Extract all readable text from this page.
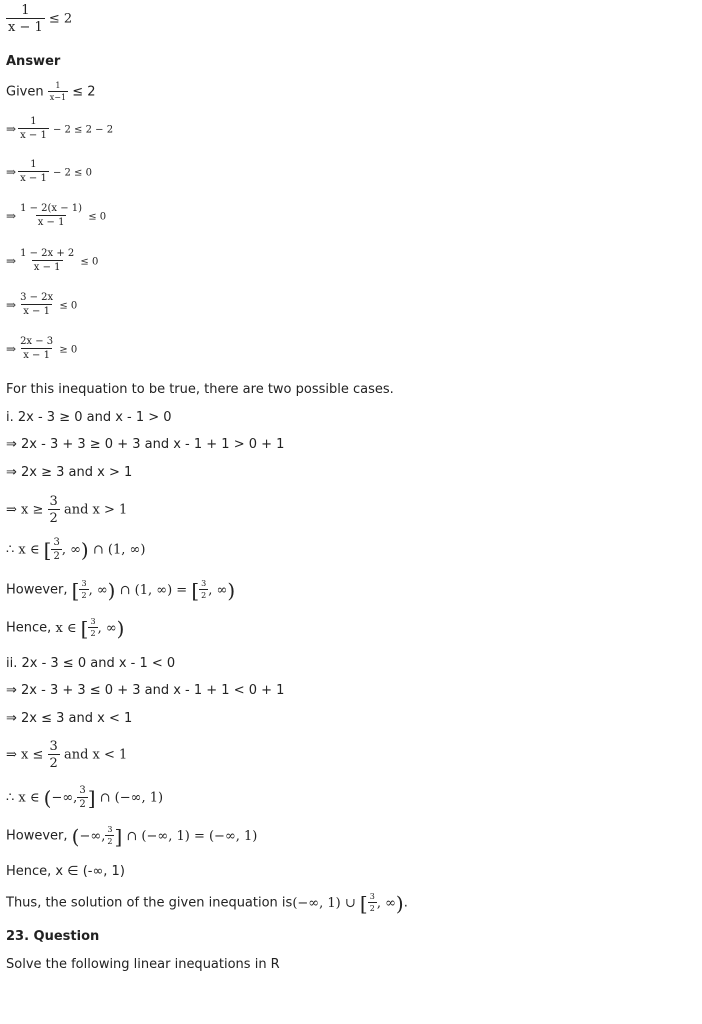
$\frac{1}{x - 1} \le 2$
Answer
Given $\frac{1}{x-1} \le 2$
⇒ $\frac{1}{x - 1} - 2 \le 2 - 2$
⇒ $\frac{1}{x - 1} - 2 \le 0$
⇒ $\frac{1 - 2(x - 1)}{x - 1} \le 0$
⇒ $\frac{1 - 2x + 2}{x - 1} \le 0$
⇒ $\frac{3 - 2x}{x - 1} \le 0$
⇒ $\frac{2x - 3}{x - 1} \ge 0$
For this inequation to be true, there are two possible cases.
i. 2x - 3 ≥ 0 and x - 1 > 0
⇒ 2x - 3 + 3 ≥ 0 + 3 and x - 1 + 1 > 0 + 1
⇒ 2x ≥ 3 and x > 1
⇒ $x \ge \frac{3}{2}$ and x > 1
∴ x ∈ [ $\frac{3}{2}$ , ∞) ∩ (1, ∞)
However, [ $\frac{3}{2}$ , ∞) ∩ (1, ∞) = [ $\frac{3}{2}$ , ∞)
Hence, x ∈ [ $\frac{3}{2}$ , ∞)
ii. 2x - 3 ≤ 0 and x - 1 < 0
⇒ 2x - 3 + 3 ≤ 0 + 3 and x - 1 + 1 < 0 + 1
⇒ 2x ≤ 3 and x < 1
⇒ $x \le \frac{3}{2}$ and x < 1
∴ x ∈ (−∞, $\frac{3}{2}$ ] ∩ (−∞, 1)
However, (−∞, $\frac{3}{2}$ ] ∩ (−∞, 1) = (−∞, 1)
Hence, x ∈ (-∞, 1)
Thus, the solution of the given inequation is(−∞, 1) ∪ [ $\frac{3}{2}$ , ∞).
23. Question
Solve the following linear inequations in R
